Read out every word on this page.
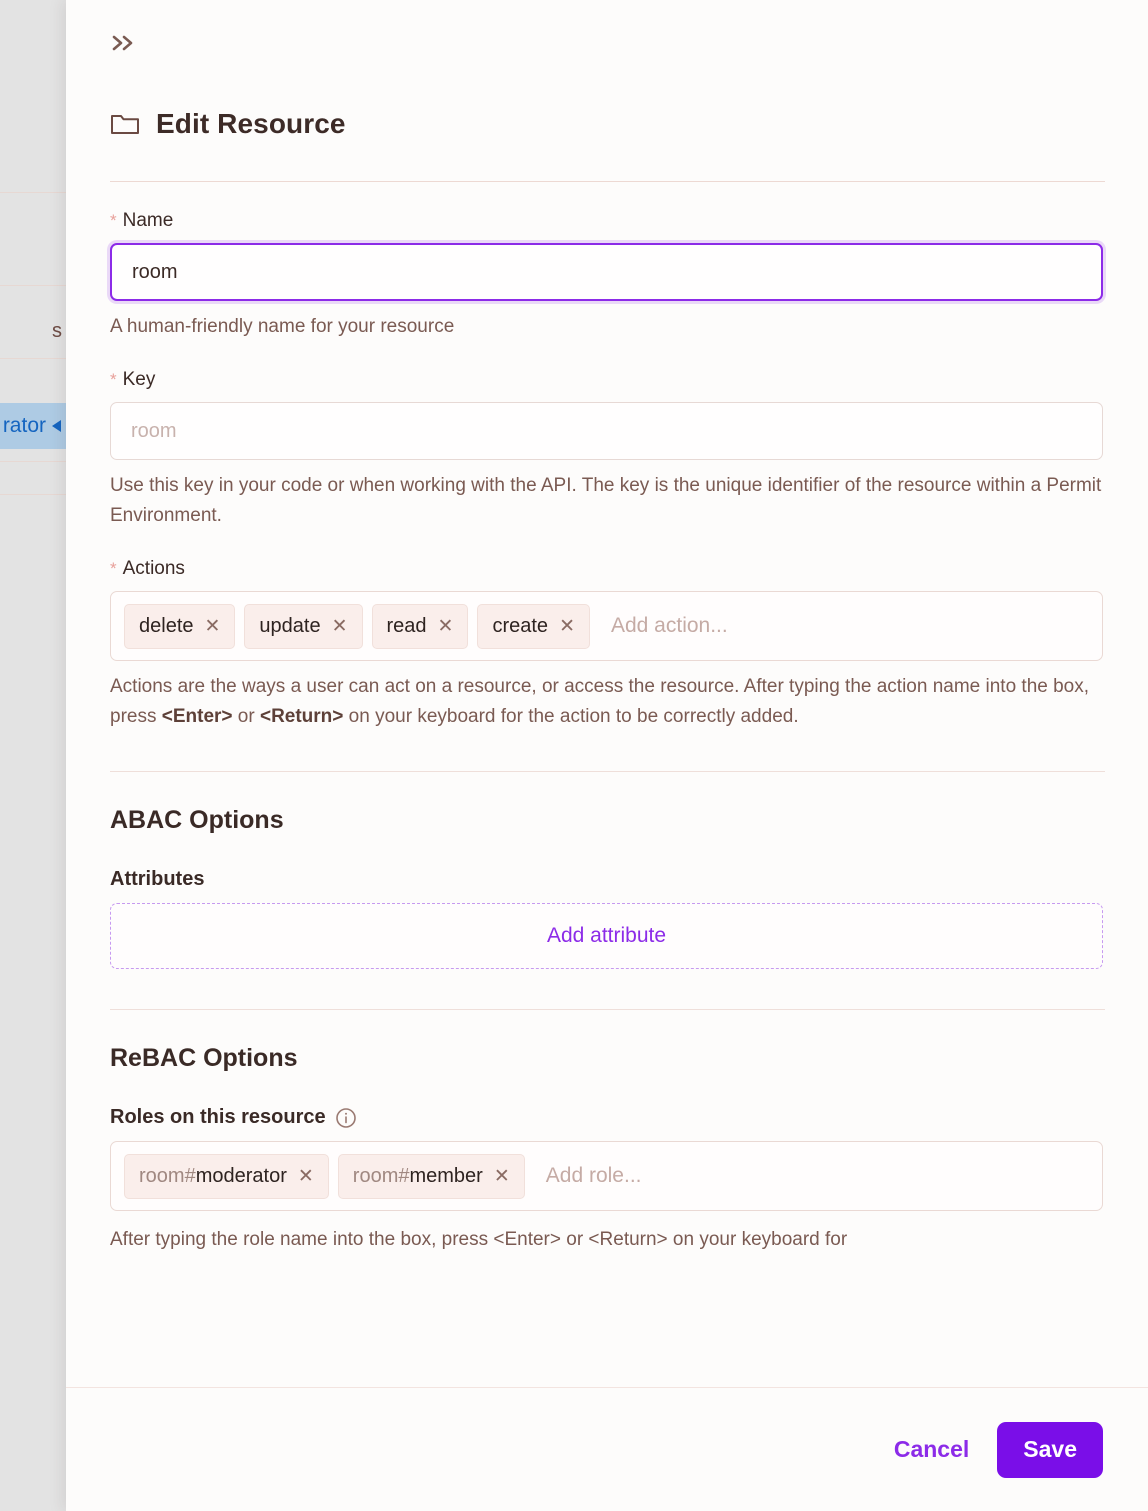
s
rator
Edit Resource
* Name
room
A human-friendly name for your resource
* Key
room
Use this key in your code or when working with the API. The key is the unique identifier of the resource within a Permit Environment.
* Actions
delete ✕ update ✕ read ✕ create ✕	Add action...
Actions are the ways a user can act on a resource, or access the resource. After typing the action name into the box, press <Enter> or <Return> on your keyboard for the action to be correctly added.
ABAC Options
Attributes
Add attribute
ReBAC Options
Roles on this resource
room#moderator ✕ room#member ✕	Add role...
After typing the role name into the box, press <Enter> or <Return> on your keyboard for
Cancel	Save
